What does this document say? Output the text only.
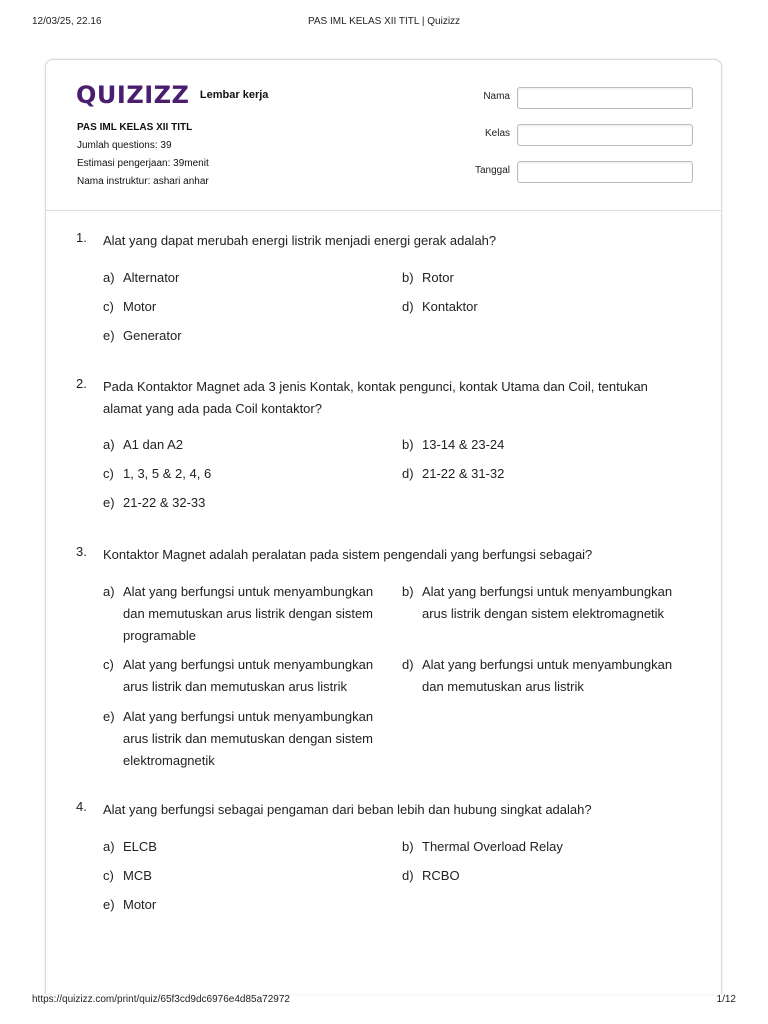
12/03/25, 22.16	PAS IML KELAS XII TITL | Quizizz
QUIZIZZ Lembar kerja
PAS IML KELAS XII TITL
Jumlah questions: 39
Estimasi pengerjaan: 39menit
Nama instruktur: ashari anhar
Nama
Kelas
Tanggal
1. Alat yang dapat merubah energi listrik menjadi energi gerak adalah?
a) Alternator	b) Rotor
c) Motor	d) Kontaktor
e) Generator
2. Pada Kontaktor Magnet ada 3 jenis Kontak, kontak pengunci, kontak Utama dan Coil, tentukan alamat yang ada pada Coil kontaktor?
a) A1 dan A2	b) 13-14 & 23-24
c) 1, 3, 5 & 2, 4, 6	d) 21-22 & 31-32
e) 21-22 & 32-33
3. Kontaktor Magnet adalah peralatan pada sistem pengendali yang berfungsi sebagai?
a) Alat yang berfungsi untuk menyambungkan dan memutuskan arus listrik dengan sistem programable
b) Alat yang berfungsi untuk menyambungkan arus listrik dengan sistem elektromagnetik
c) Alat yang berfungsi untuk menyambungkan arus listrik dan memutuskan arus listrik
d) Alat yang berfungsi untuk menyambungkan dan memutuskan arus listrik
e) Alat yang berfungsi untuk menyambungkan arus listrik dan memutuskan dengan sistem elektromagnetik
4. Alat yang berfungsi sebagai pengaman dari beban lebih dan hubung singkat adalah?
a) ELCB	b) Thermal Overload Relay
c) MCB	d) RCBO
e) Motor
https://quizizz.com/print/quiz/65f3cd9dc6976e4d85a72972	1/12
